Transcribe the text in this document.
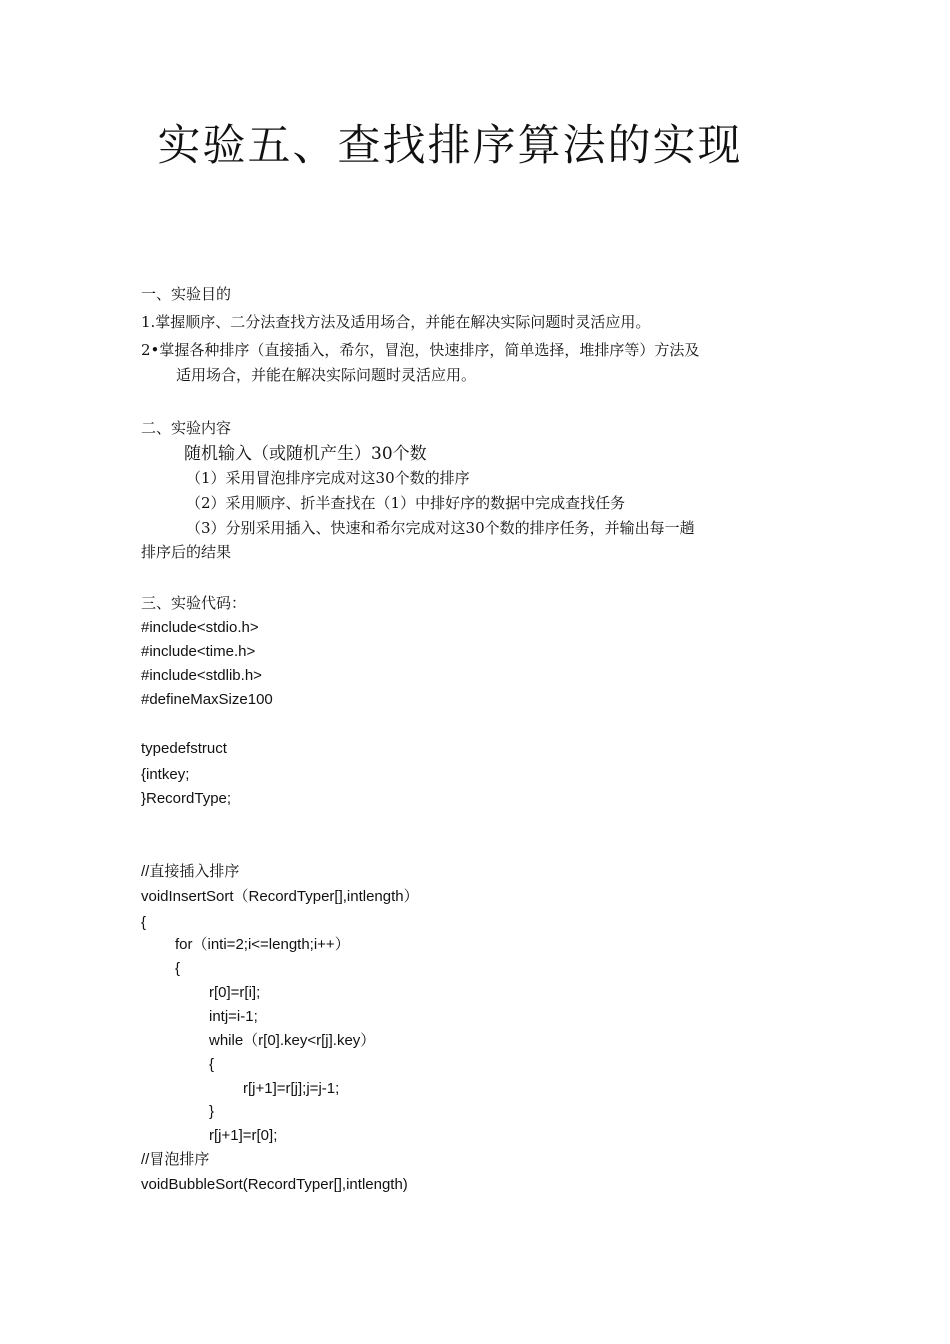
实验五、查找排序算法的实现
一、实验目的
1.掌握顺序、二分法查找方法及适用场合，并能在解决实际问题时灵活应用。
2•掌握各种排序（直接插入，希尔，冒泡，快速排序，简单选择，堆排序等）方法及
适用场合，并能在解决实际问题时灵活应用。
二、实验内容
随机输入（或随机产生）30个数
（1）采用冒泡排序完成对这30个数的排序
（2）采用顺序、折半查找在（1）中排好序的数据中完成查找任务
（3）分别采用插入、快速和希尔完成对这30个数的排序任务，并输出每一趟
排序后的结果
三、实验代码：
#include<stdio.h>
#include<time.h>
#include<stdlib.h>
#defineMaxSize100
typedefstruct
{intkey;
}RecordType;
//直接插入排序
voidInsertSort（RecordTyper[],intlength）
{
for（inti=2;i<=length;i++）
{
r[0]=r[i];
intj=i-1;
while（r[0].key<r[j].key）
{
r[j+1]=r[j];j=j-1;
}
r[j+1]=r[0];
//冒泡排序
voidBubbleSort(RecordTyper[],intlength)
